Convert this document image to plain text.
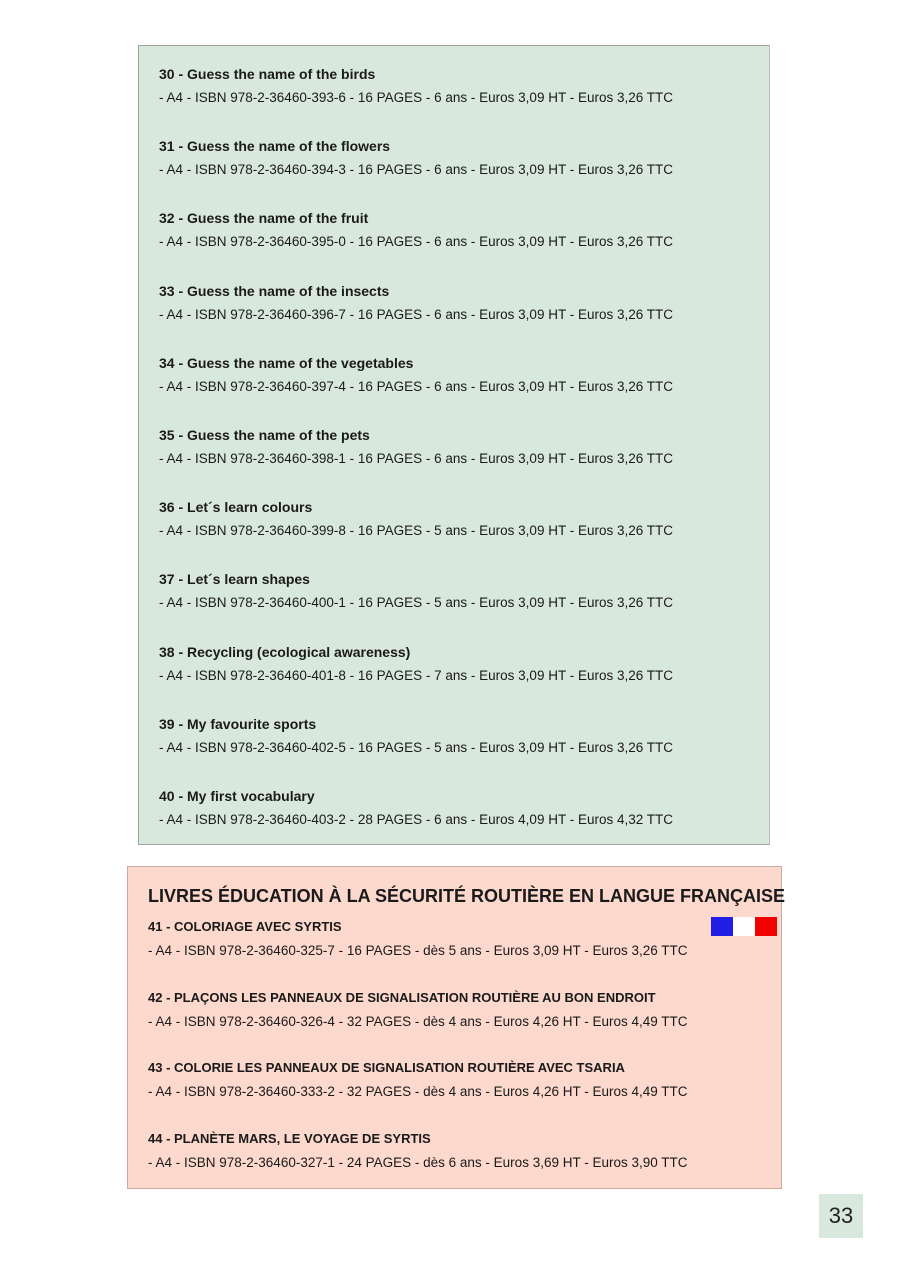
30 - Guess the name of the birds
- A4 - ISBN 978-2-36460-393-6 - 16 PAGES - 6 ans - Euros 3,09 HT - Euros 3,26 TTC
31 - Guess the name of the flowers
- A4 - ISBN 978-2-36460-394-3 - 16 PAGES - 6 ans - Euros 3,09 HT - Euros 3,26 TTC
32 - Guess the name of the fruit
- A4 - ISBN 978-2-36460-395-0 - 16 PAGES - 6 ans - Euros 3,09 HT - Euros 3,26 TTC
33 - Guess the name of the insects
- A4 - ISBN 978-2-36460-396-7 - 16 PAGES - 6 ans - Euros 3,09 HT - Euros 3,26 TTC
34 - Guess the name of the vegetables
- A4 - ISBN 978-2-36460-397-4 - 16 PAGES - 6 ans - Euros 3,09 HT - Euros 3,26 TTC
35 - Guess the name of the pets
- A4 - ISBN 978-2-36460-398-1 - 16 PAGES - 6 ans - Euros 3,09 HT - Euros 3,26 TTC
36 - Let´s learn colours
- A4 - ISBN 978-2-36460-399-8 - 16 PAGES - 5 ans - Euros 3,09 HT - Euros 3,26 TTC
37 - Let´s learn shapes
- A4 - ISBN 978-2-36460-400-1 - 16 PAGES - 5 ans - Euros 3,09 HT - Euros 3,26 TTC
38 - Recycling (ecological awareness)
- A4 - ISBN 978-2-36460-401-8 - 16 PAGES - 7 ans - Euros 3,09 HT - Euros 3,26 TTC
39 - My favourite sports
- A4 - ISBN 978-2-36460-402-5 - 16 PAGES - 5 ans - Euros 3,09 HT - Euros 3,26 TTC
40 - My first vocabulary
- A4 - ISBN 978-2-36460-403-2 - 28 PAGES - 6 ans - Euros 4,09 HT - Euros 4,32 TTC
LIVRES ÉDUCATION À LA SÉCURITÉ ROUTIÈRE EN LANGUE FRANÇAISE
41 - COLORIAGE AVEC SYRTIS
- A4 - ISBN 978-2-36460-325-7 - 16 PAGES - dès 5 ans - Euros 3,09 HT - Euros 3,26 TTC
42 - PLAÇONS LES PANNEAUX DE SIGNALISATION ROUTIÈRE AU BON ENDROIT
- A4 - ISBN 978-2-36460-326-4 - 32 PAGES - dès 4 ans - Euros 4,26 HT - Euros 4,49 TTC
43 - COLORIE LES PANNEAUX DE SIGNALISATION ROUTIÈRE AVEC TSARIA
- A4 - ISBN 978-2-36460-333-2 - 32 PAGES - dès 4 ans - Euros 4,26 HT - Euros 4,49 TTC
44 - PLANÈTE MARS, LE VOYAGE DE SYRTIS
- A4 - ISBN 978-2-36460-327-1 - 24 PAGES - dès 6 ans - Euros 3,69 HT - Euros 3,90 TTC
33
